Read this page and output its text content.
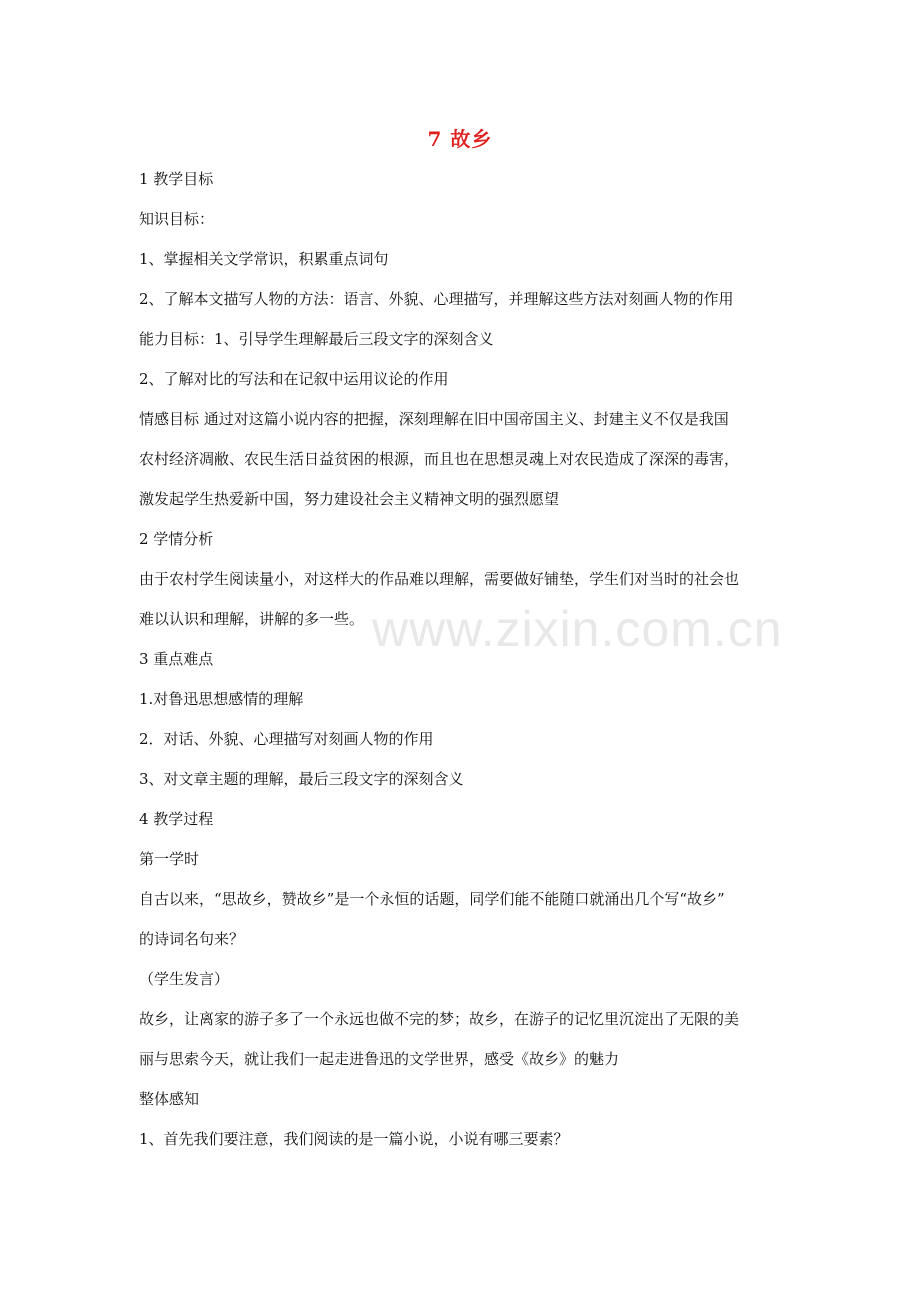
7 故乡
1 教学目标
知识目标：
1、掌握相关文学常识，积累重点词句
2、了解本文描写人物的方法：语言、外貌、心理描写，并理解这些方法对刻画人物的作用
能力目标：1、引导学生理解最后三段文字的深刻含义
2、了解对比的写法和在记叙中运用议论的作用
情感目标 通过对这篇小说内容的把握，深刻理解在旧中国帝国主义、封建主义不仅是我国
农村经济凋敝、农民生活日益贫困的根源，而且也在思想灵魂上对农民造成了深深的毒害，
激发起学生热爱新中国，努力建设社会主义精神文明的强烈愿望
2 学情分析
由于农村学生阅读量小，对这样大的作品难以理解，需要做好铺垫，学生们对当时的社会也
难以认识和理解，讲解的多一些。
3 重点难点
1.对鲁迅思想感情的理解
2．对话、外貌、心理描写对刻画人物的作用
3、对文章主题的理解，最后三段文字的深刻含义
4 教学过程
第一学时
自古以来，“思故乡，赞故乡”是一个永恒的话题，同学们能不能随口就涌出几个写“故乡”
的诗词名句来？
（学生发言）
故乡，让离家的游子多了一个永远也做不完的梦；故乡，在游子的记忆里沉淀出了无限的美
丽与思索今天，就让我们一起走进鲁迅的文学世界，感受《故乡》的魅力
整体感知
1、首先我们要注意，我们阅读的是一篇小说，小说有哪三要素？
www.zixin.com.cn
